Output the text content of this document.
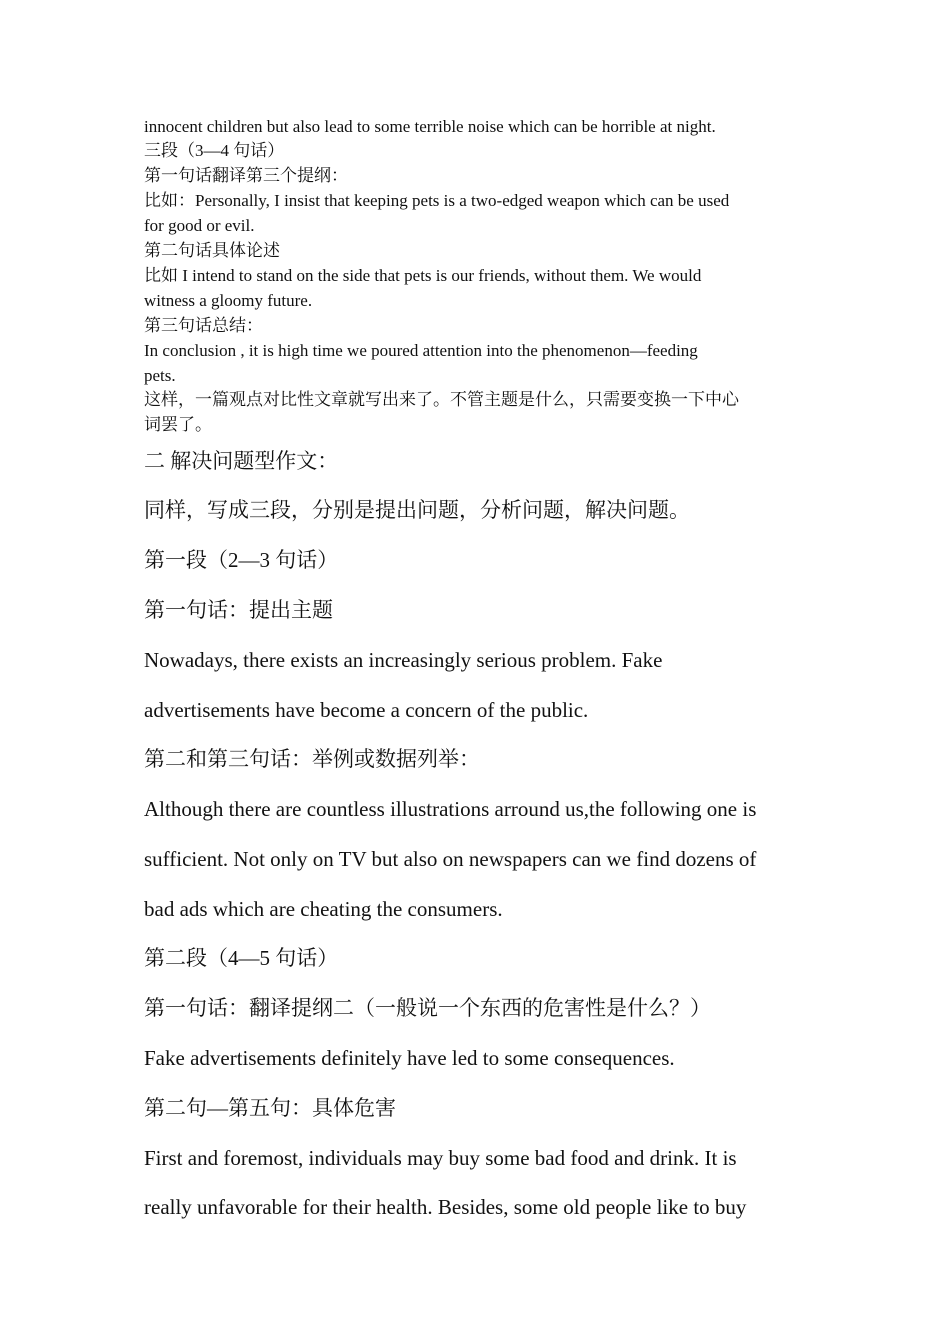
innocent children but also lead to some terrible noise which can be horrible at night.
三段（3—4 句话）
第一句话翻译第三个提纲：
比如：Personally, I insist that keeping pets is a two-edged weapon which can be used
for good or evil.
第二句话具体论述
比如 I intend to stand on the side that pets is our friends, without them. We would
witness a gloomy future.
第三句话总结：
In conclusion , it is high time we poured attention into the phenomenon—feeding
pets.
这样，一篇观点对比性文章就写出来了。不管主题是什么，只需要变换一下中心
词罢了。
二 解决问题型作文：
同样，写成三段，分别是提出问题，分析问题，解决问题。
第一段（2—3 句话）
第一句话：提出主题
Nowadays, there exists an increasingly serious problem. Fake
advertisements have become a concern of the public.
第二和第三句话：举例或数据列举：
Although there are countless illustrations arround us,the following one is
sufficient. Not only on TV but also on newspapers can we find dozens of
bad ads which are cheating the consumers.
第二段（4—5 句话）
第一句话：翻译提纲二（一般说一个东西的危害性是什么？）
Fake advertisements definitely have led to some consequences.
第二句—第五句：具体危害
First and foremost, individuals may buy some bad food and drink. It is
really unfavorable for their health. Besides, some old people like to buy
